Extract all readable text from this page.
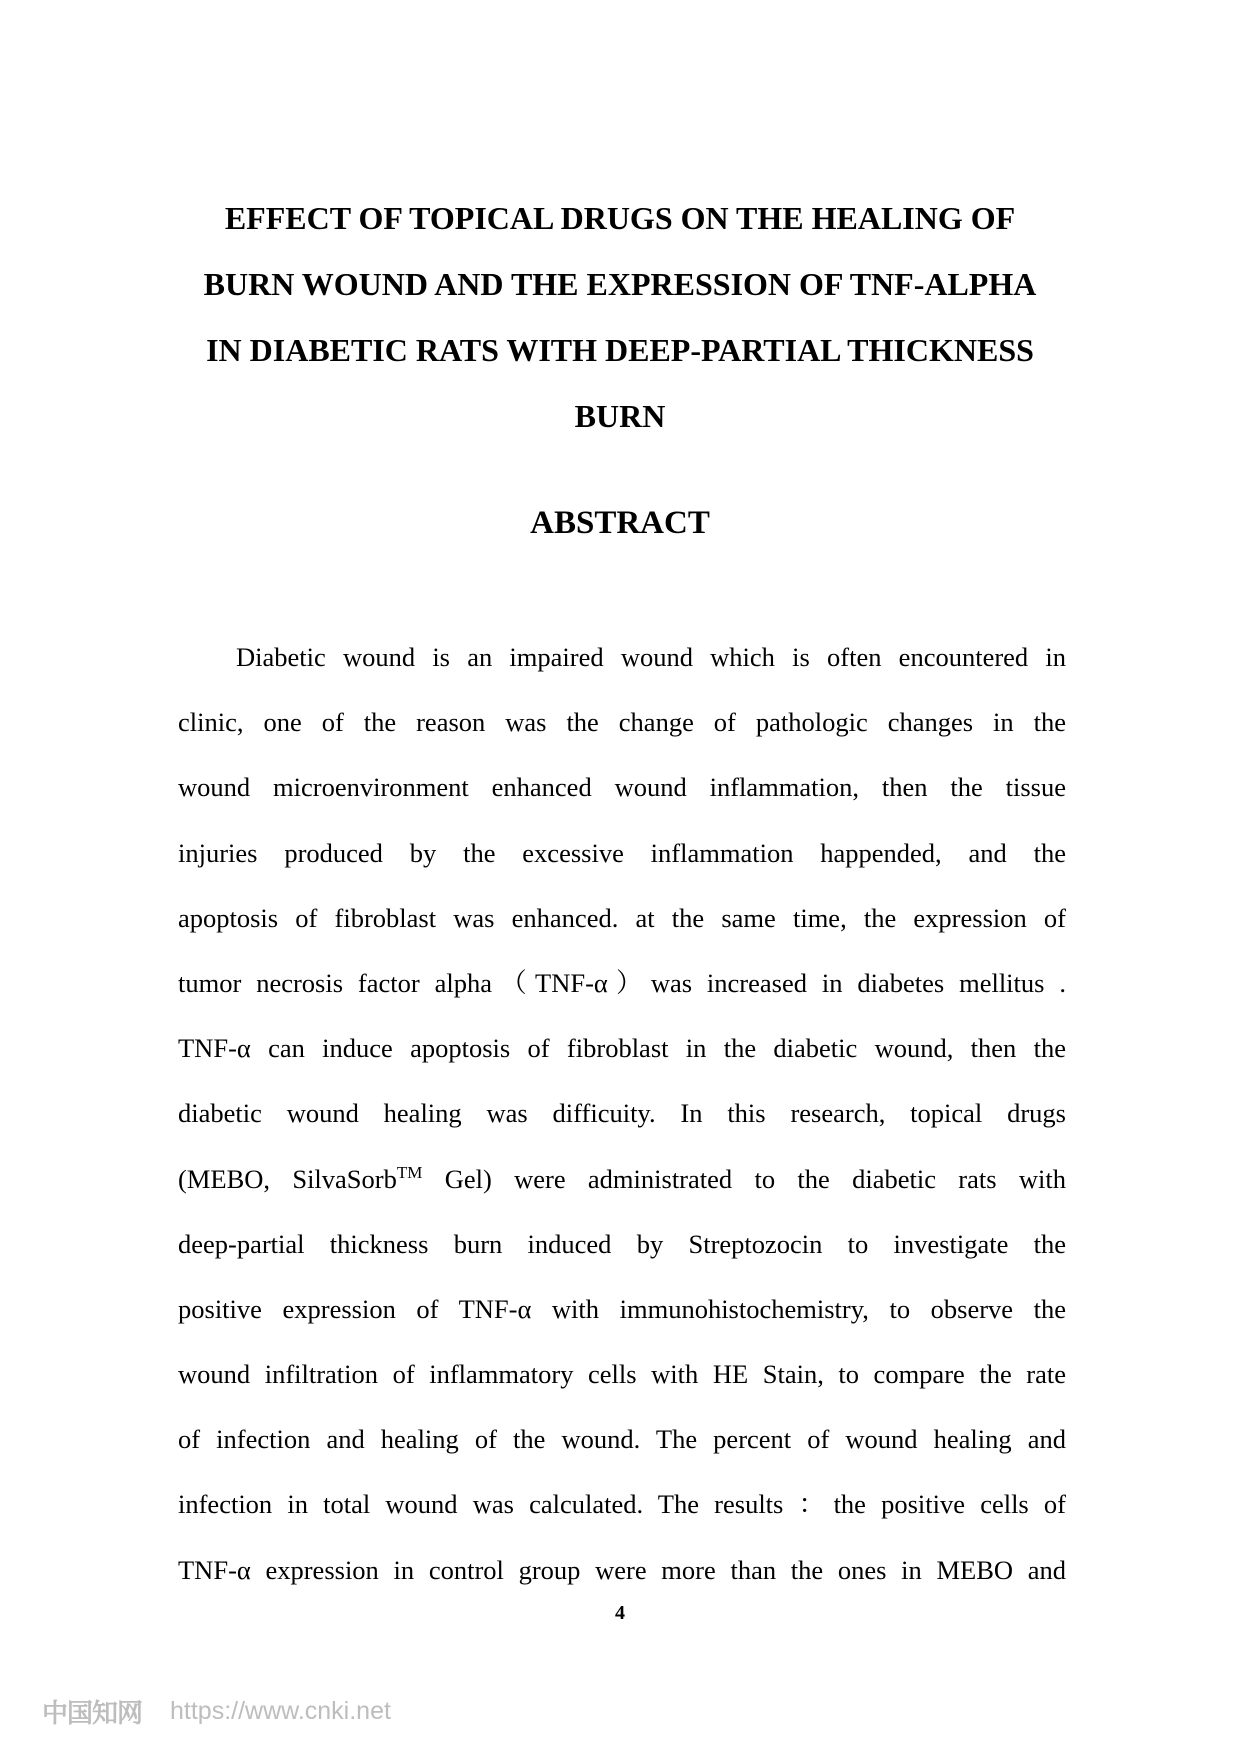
EFFECT OF TOPICAL DRUGS ON THE HEALING OF
BURN WOUND AND THE EXPRESSION OF TNF-ALPHA
IN DIABETIC RATS WITH DEEP-PARTIAL THICKNESS
BURN
ABSTRACT
Diabetic wound is an impaired wound which is often encountered in
clinic, one of the reason was the change of pathologic changes in the
wound microenvironment enhanced wound inflammation, then the tissue
injuries produced by the excessive inflammation happended, and the
apoptosis of fibroblast was enhanced. at the same time, the expression of
tumor necrosis factor alpha（TNF-α）was increased in diabetes mellitus .
TNF-α can induce apoptosis of fibroblast in the diabetic wound, then the
diabetic wound healing was difficuity. In this research, topical drugs
(MEBO, SilvaSorb™ Gel) were administrated to the diabetic rats with
deep-partial thickness burn induced by Streptozocin to investigate the
positive expression of TNF-α with immunohistochemistry, to observe the
wound infiltration of inflammatory cells with HE Stain, to compare the rate
of infection and healing of the wound. The percent of wound healing and
infection in total wound was calculated. The results ：the positive cells of
TNF-α expression in control group were more than the ones in MEBO and
4
中国知网 https://www.cnki.net
